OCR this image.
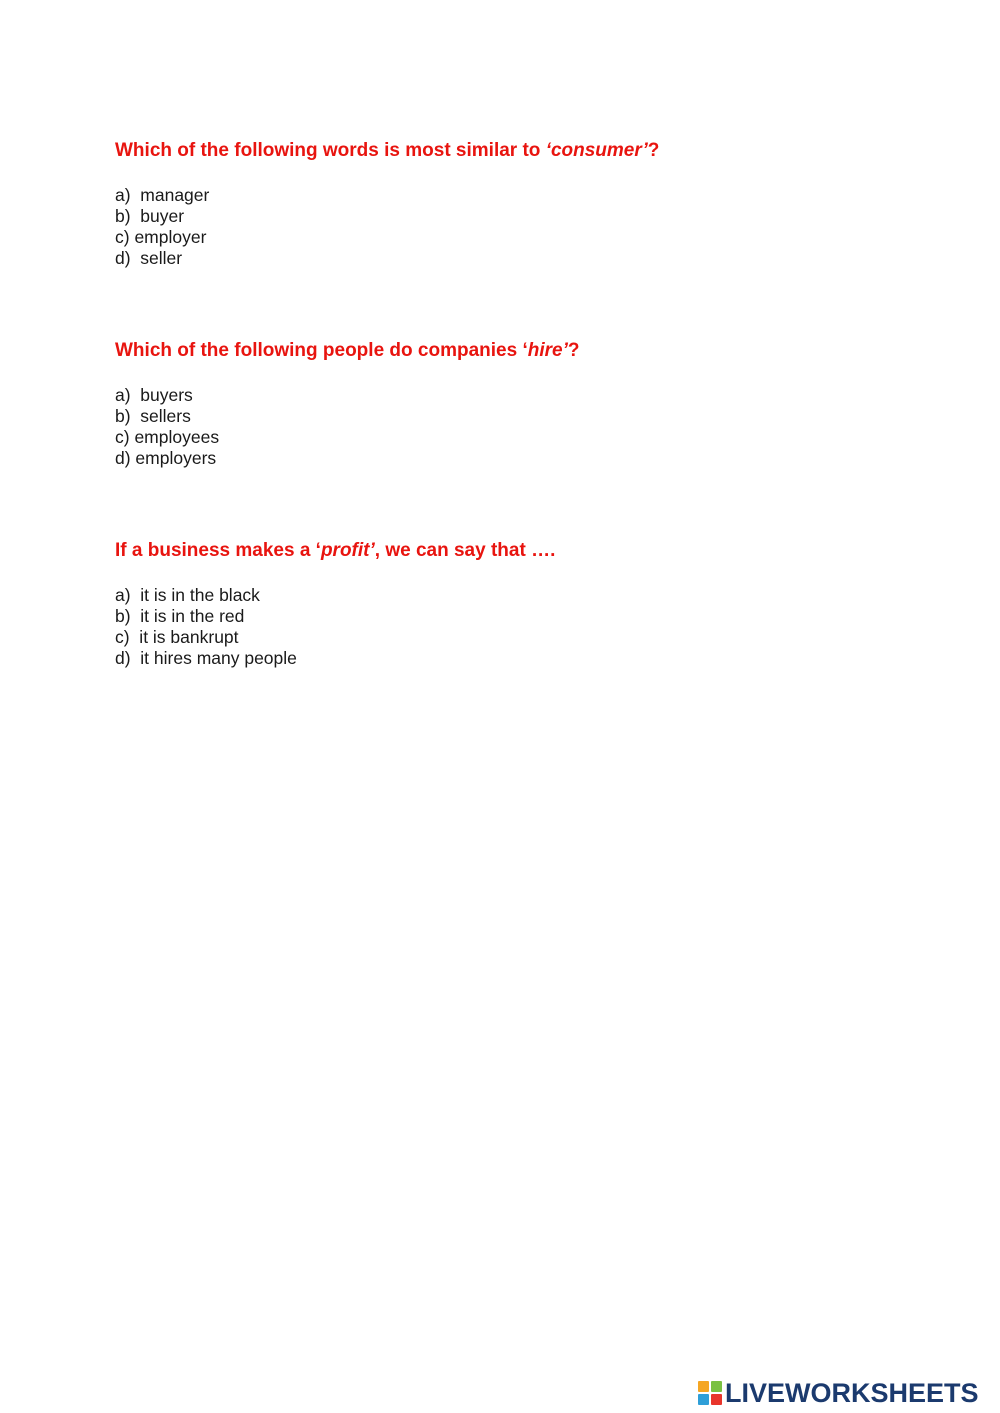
Which of the following words is most similar to ‘consumer’?

a)  manager
b)  buyer
c) employer
d)  seller

Which of the following people do companies ‘hire’?

a)  buyers
b)  sellers
c) employees
d) employers

If a business makes a ‘profit’, we can say that ….

a)  it is in the black
b)  it is in the red
c)  it is bankrupt
d)  it hires many people
LIVEWORKSHEETS
